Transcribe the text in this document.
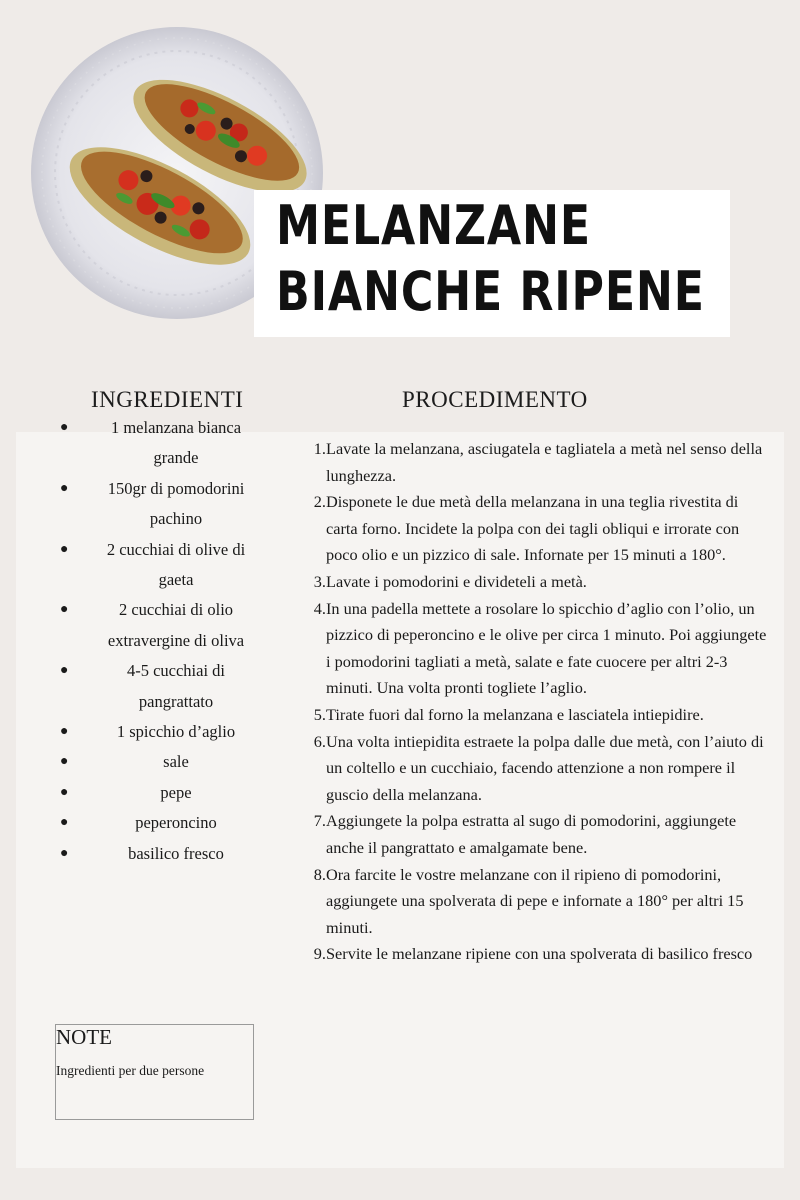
MELANZANE
BIANCHE RIPENE
INGREDIENTI	PROCEDIMENTO
●	1 melanzana bianca grande
●	150gr di pomodorini pachino
●	2 cucchiai di olive di gaeta
●	2 cucchiai di olio extravergine di oliva
●	4-5 cucchiai di pangrattato
●	1 spicchio d’aglio
●	sale
●	pepe
●	peperoncino
●	basilico fresco
1. Lavate la melanzana, asciugatela e tagliatela a metà nel senso della lunghezza.
2. Disponete le due metà della melanzana in una teglia rivestita di carta forno. Incidete la polpa con dei tagli obliqui e irrorate con poco olio e un pizzico di sale. Infornate per 15 minuti a 180°.
3. Lavate i pomodorini e divideteli a metà.
4. In una padella mettete a rosolare lo spicchio d’aglio con l’olio, un pizzico di peperoncino e le olive per circa 1 minuto. Poi aggiungete i pomodorini tagliati a metà, salate e fate cuocere per altri 2-3 minuti. Una volta pronti togliete l’aglio.
5. Tirate fuori dal forno la melanzana e lasciatela intiepidire.
6. Una volta intiepidita estraete la polpa dalle due metà, con l’aiuto di un coltello e un cucchiaio, facendo attenzione a non rompere il guscio della melanzana.
7. Aggiungete la polpa estratta al sugo di pomodorini, aggiungete anche il pangrattato e amalgamate bene.
8. Ora farcite le vostre melanzane con il ripieno di pomodorini, aggiungete una spolverata di pepe e infornate a 180° per altri 15 minuti.
9. Servite le melanzane ripiene con una spolverata di basilico fresco
NOTE
Ingredienti per due persone
